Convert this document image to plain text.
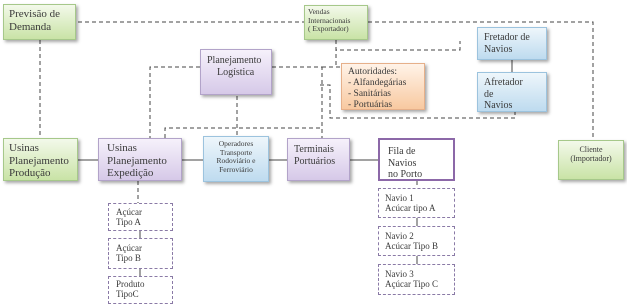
Previsão de
Demanda
Vendas
Internacionais
( Exportador)
Fretador de
Navios
Afretador
de
Navios
Planejamento
Logística	Autoridades:
- Alfandegárias
- Sanitárias
- Portuárias
Usinas
Planejamento
Produção
Usinas
Planejamento
Expedição
Operadores
Transporte
Rodoviário e
Ferroviário
Terminais
Portuários
Fila de Navios
no Porto
Cliente
(Importador)
Açúcar
Tipo A
Açúcar
Tipo B
Produto
TipoC
Navio 1
Acúcar tipo A
Navio 2
Acúcar Tipo B
Navio 3
Açúcar Tipo C
